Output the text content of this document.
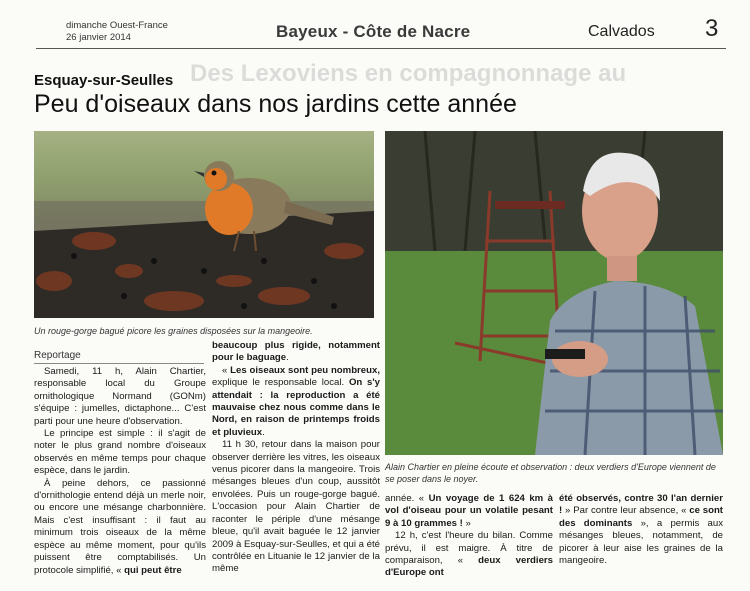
dimanche Ouest-France
26 janvier 2014	Bayeux - Côte de Nacre	Calvados 3
Des Lexoviens en compagnonnage au
Esquay-sur-Seulles
Peu d'oiseaux dans nos jardins cette année
Un rouge-gorge bagué picore les graines disposées sur la mangeoire.
Alain Chartier en pleine écoute et observation : deux verdiers d'Europe viennent de se poser dans le noyer.
Reportage

Samedi, 11 h, Alain Chartier, responsable local du Groupe ornithologique Normand (GONm) s'équipe : jumelles, dictaphone... C'est parti pour une heure d'observation.

Le principe est simple : il s'agit de noter le plus grand nombre d'oiseaux observés en même temps pour chaque espèce, dans le jardin.

À peine dehors, ce passionné d'ornithologie entend déjà un merle noir, ou encore une mésange charbonnière. Mais c'est insuffisant : il faut au minimum trois oiseaux de la même espèce au même moment, pour qu'ils puissent être comptabilisés. Un protocole simplifié, « qui peut être

beaucoup plus rigide, notamment pour le baguage.

« Les oiseaux sont peu nombreux, explique le responsable local. On s'y attendait : la reproduction a été mauvaise chez nous comme dans le Nord, en raison de printemps froids et pluvieux.

11 h 30, retour dans la maison pour observer derrière les vitres, les oiseaux venus picorer dans la mangeoire. Trois mésanges bleues d'un coup, aussitôt envolées. Puis un rouge-gorge bagué. L'occasion pour Alain Chartier de raconter le périple d'une mésange bleue, qu'il avait baguée le 12 janvier 2009 à Esquay-sur-Seulles, et qui a été contrôlée en Lituanie le 12 janvier de la même

année. « Un voyage de 1 624 km à vol d'oiseau pour un volatile pesant 9 à 10 grammes ! »

12 h, c'est l'heure du bilan. Comme prévu, il est maigre. À titre de comparaison, « deux verdiers d'Europe ont

été observés, contre 30 l'an dernier ! » Par contre leur absence, « ce sont des dominants », a permis aux mésanges bleues, notamment, de picorer à leur aise les graines de la mangeoire.
